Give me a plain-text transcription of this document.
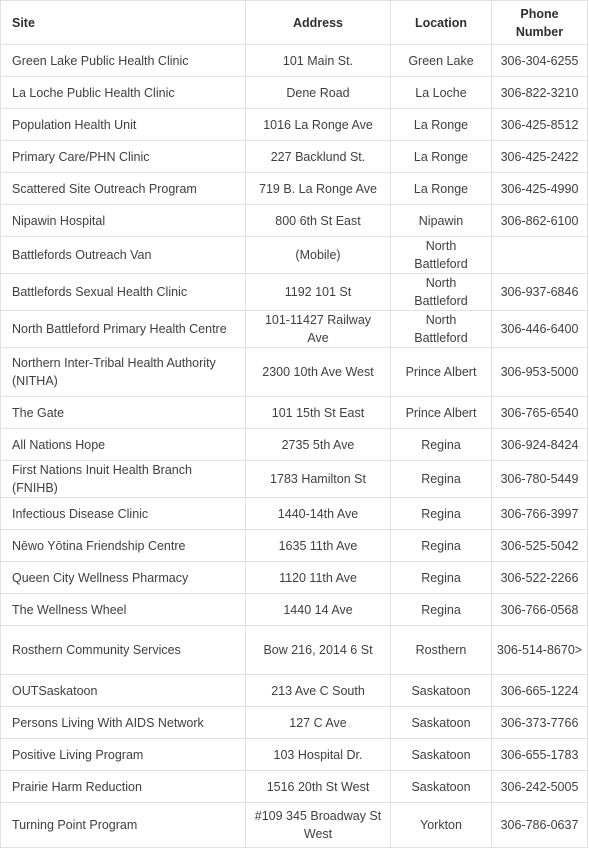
Site	Address	Location	Phone Number
Green Lake Public Health Clinic	101 Main St.	Green Lake	306-304-6255
La Loche Public Health Clinic	Dene Road	La Loche	306-822-3210
Population Health Unit	1016 La Ronge Ave	La Ronge	306-425-8512
Primary Care/PHN Clinic	227 Backlund St.	La Ronge	306-425-2422
Scattered Site Outreach Program	719 B. La Ronge Ave	La Ronge	306-425-4990
Nipawin Hospital	800 6th St East	Nipawin	306-862-6100
Battlefords Outreach Van	(Mobile)	North Battleford	
Battlefords Sexual Health Clinic	1192 101 St	North Battleford	306-937-6846
North Battleford Primary Health Centre	101-11427 Railway Ave	North Battleford	306-446-6400
Northern Inter-Tribal Health Authority (NITHA)	2300 10th Ave West	Prince Albert	306-953-5000
The Gate	101 15th St East	Prince Albert	306-765-6540
All Nations Hope	2735 5th Ave	Regina	306-924-8424
First Nations Inuit Health Branch (FNIHB)	1783 Hamilton St	Regina	306-780-5449
Infectious Disease Clinic	1440-14th Ave	Regina	306-766-3997
Nēwo Yōtina Friendship Centre	1635 11th Ave	Regina	306-525-5042
Queen City Wellness Pharmacy	1120 11th Ave	Regina	306-522-2266
The Wellness Wheel	1440 14 Ave	Regina	306-766-0568
Rosthern Community Services	Bow 216, 2014 6 St	Rosthern	306-514-8670>
OUTSaskatoon	213 Ave C South	Saskatoon	306-665-1224
Persons Living With AIDS Network	127 C Ave	Saskatoon	306-373-7766
Positive Living Program	103 Hospital Dr.	Saskatoon	306-655-1783
Prairie Harm Reduction	1516 20th St West	Saskatoon	306-242-5005
Turning Point Program	#109 345 Broadway St West	Yorkton	306-786-0637
